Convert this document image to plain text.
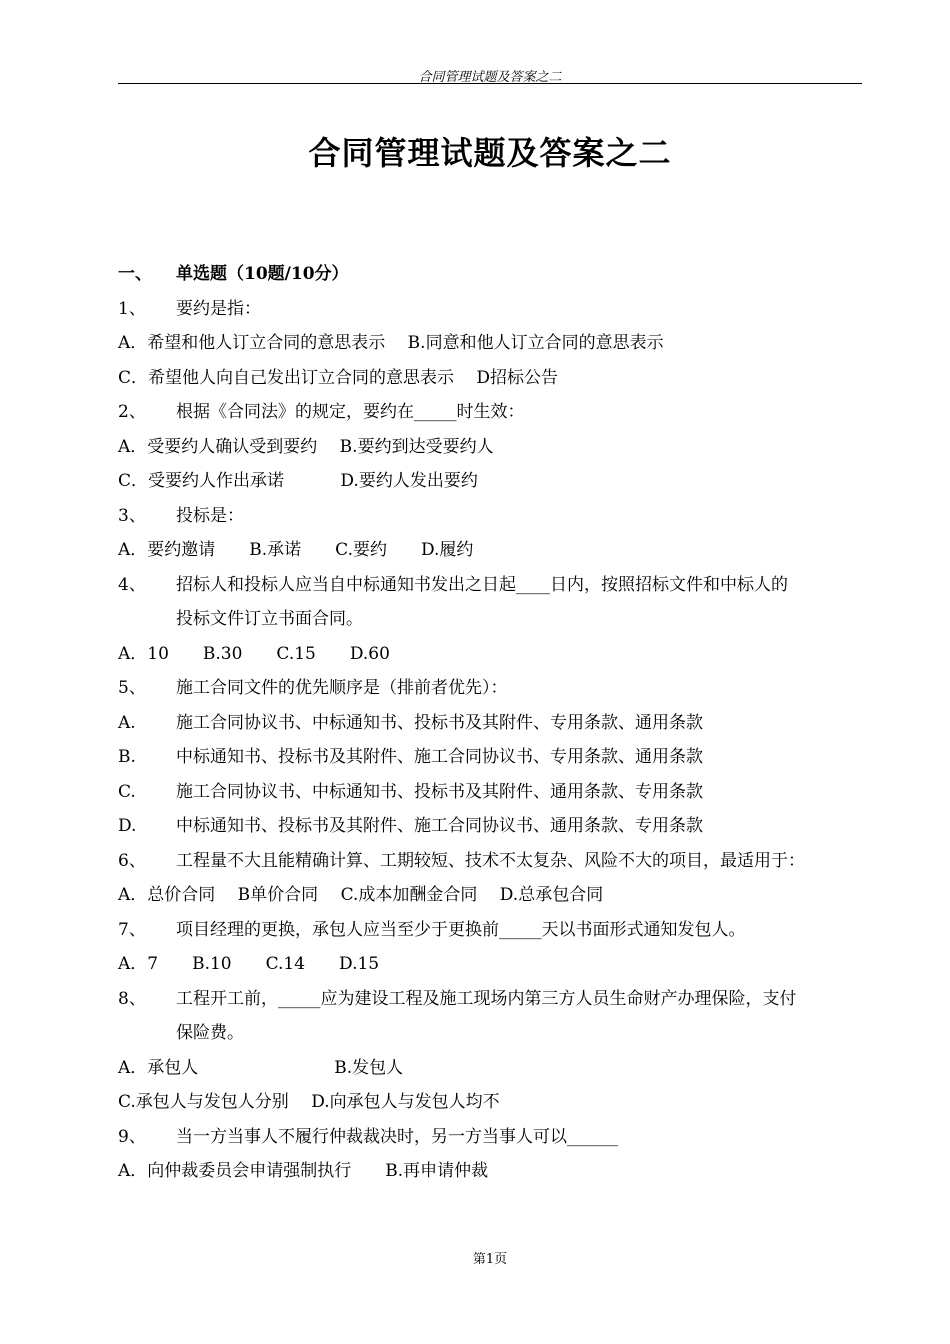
合同管理试题及答案之二
合同管理试题及答案之二
一、 单选题（10题/10分）
1、 要约是指：
A．希望和他人订立合同的意思表示　 B.同意和他人订立合同的意思表示
C．希望他人向自己发出订立合同的意思表示　 D招标公告
2、 根据《合同法》的规定，要约在_____时生效：
A．受要约人确认受到要约　 B.要约到达受要约人
C．受要约人作出承诺　　　 D.要约人发出要约
3、 投标是：
A．要约邀请　　B.承诺　　C.要约　　D.履约
4、 招标人和投标人应当自中标通知书发出之日起____日内，按照招标文件和中标人的
投标文件订立书面合同。
A．10　　B.30　　C.15　　D.60
5、 施工合同文件的优先顺序是（排前者优先）：
A. 施工合同协议书、中标通知书、投标书及其附件、专用条款、通用条款
B. 中标通知书、投标书及其附件、施工合同协议书、专用条款、通用条款
C. 施工合同协议书、中标通知书、投标书及其附件、通用条款、专用条款
D. 中标通知书、投标书及其附件、施工合同协议书、通用条款、专用条款
6、 工程量不大且能精确计算、工期较短、技术不太复杂、风险不大的项目，最适用于：
A．总价合同　 B单价合同　 C.成本加酬金合同　 D.总承包合同
7、 项目经理的更换，承包人应当至少于更换前_____天以书面形式通知发包人。
A．7　　B.10　　C.14　　D.15
8、 工程开工前，_____应为建设工程及施工现场内第三方人员生命财产办理保险，支付
保险费。
A．承包人　　　　　　　　B.发包人
C.承包人与发包人分别　 D.向承包人与发包人均不
9、 当一方当事人不履行仲裁裁决时，另一方当事人可以______
A．向仲裁委员会申请强制执行　　B.再申请仲裁
第1页
